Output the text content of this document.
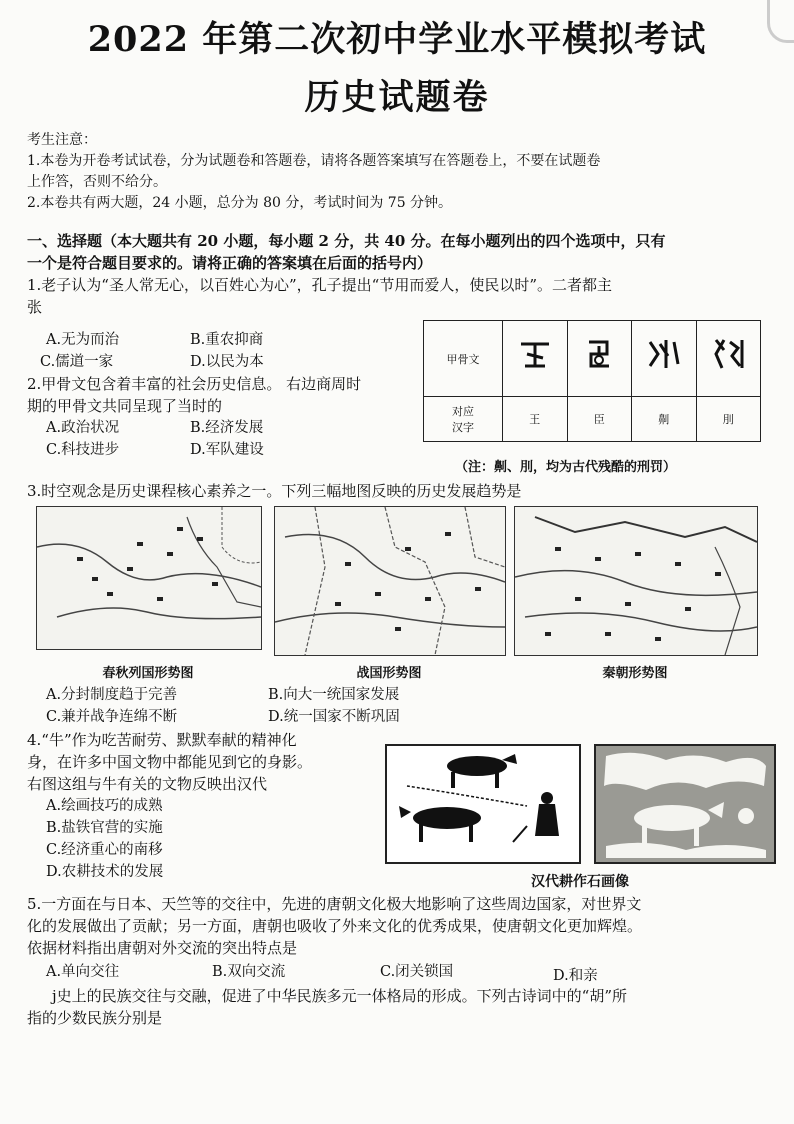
2022 年第二次初中学业水平模拟考试
历史试题卷
考生注意：
1.本卷为开卷考试试卷，分为试题卷和答题卷，请将各题答案填写在答题卷上，不要在试题卷
上作答，否则不给分。
2.本卷共有两大题，24 小题，总分为 80 分，考试时间为 75 分钟。
一、选择题（本大题共有 20 小题，每小题 2 分，共 40 分。在每小题列出的四个选项中，只有
一个是符合题目要求的。请将正确的答案填在后面的括号内）
1.老子认为“圣人常无心，以百姓心为心”，孔子提出“节用而爱人，使民以时”。二者都主
张
A.无为而治	B.重农抑商
C.儒道一家	D.以民为本
2.甲骨文包含着丰富的社会历史信息。 右边商周时
期的甲骨文共同呈现了当时的
A.政治状况	B.经济发展
C.科技进步	D.军队建设
甲骨文				

对应
汉字	王	臣	劓	刖
（注：劓、刖，均为古代残酷的刑罚）
3.时空观念是历史课程核心素养之一。下列三幅地图反映的历史发展趋势是
春秋列国形势图	战国形势图	秦朝形势图
A.分封制度趋于完善	B.向大一统国家发展
C.兼并战争连绵不断	D.统一国家不断巩固
4.“牛”作为吃苦耐劳、默默奉献的精神化
身，在许多中国文物中都能见到它的身影。
右图这组与牛有关的文物反映出汉代
A.绘画技巧的成熟
B.盐铁官营的实施
C.经济重心的南移
D.农耕技术的发展
汉代耕作石画像
5.一方面在与日本、天竺等的交往中，先进的唐朝文化极大地影响了这些周边国家，对世界文
化的发展做出了贡献；另一方面，唐朝也吸收了外来文化的优秀成果，使唐朝文化更加辉煌。
依据材料指出唐朝对外交流的突出特点是
A.单向交往	B.双向交流	C.闭关锁国	D.和亲
j史上的民族交往与交融，促进了中华民族多元一体格局的形成。下列古诗词中的“胡”所
指的少数民族分别是
